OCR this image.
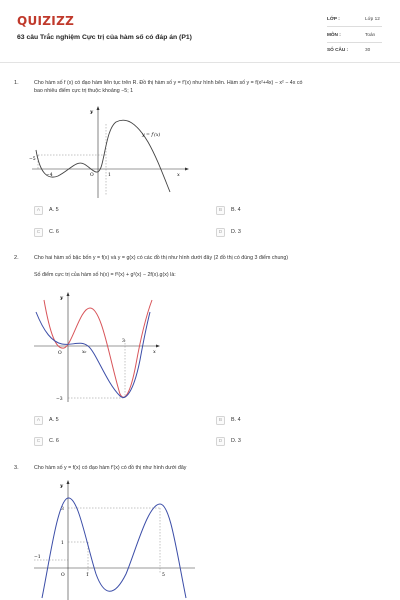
QUIZIZZ
63 câu Trắc nghiệm Cực trị của hàm số có đáp án (P1)
LỚP :	Lớp 12
MÔN :	Toán
SỐ CÂU :	30
1.	Cho hàm số f (x) có đạo hàm liên tục trên R. Đồ thị hàm số y = f′(x) như hình bên. Hàm số y = f(x²+4x) − x² − 4x có
bao nhiêu điểm cực trị thuộc khoảng −5; 1
y
x
−5
−4	O	1
y = f′(x)
A	A. 5	B	B. 4
C	C. 6	D	D. 3
2.	Cho hai hàm số bậc bốn y = f(x) và y = g(x) có các đồ thị như hình dưới đây (2 đồ thị có đúng 3 điểm chung)
Số điểm cực trị của hàm số h(x) = f²(x) + g²(x) − 2f(x).g(x) là:
y
x
O	x₀
3
−3
A	A. 5	B	B. 4
C	C. 6	D	D. 3
3.	Cho hàm số y = f(x) có đạo hàm f′(x) có đồ thị như hình dưới đây
y
3
1
−1
O	1	5
